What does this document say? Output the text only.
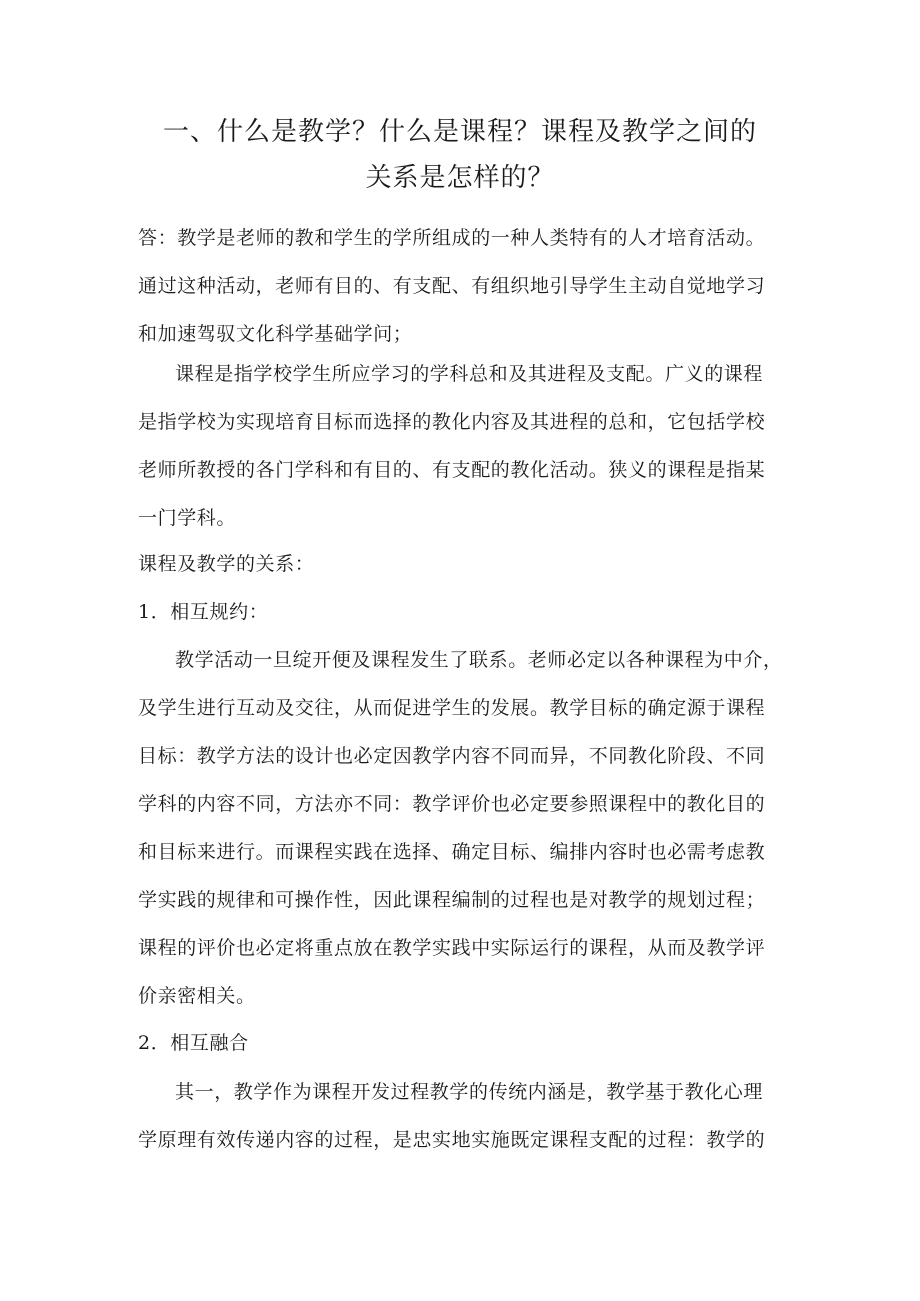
一、什么是教学？什么是课程？课程及教学之间的
关系是怎样的？
答：教学是老师的教和学生的学所组成的一种人类特有的人才培育活动。
通过这种活动，老师有目的、有支配、有组织地引导学生主动自觉地学习
和加速驾驭文化科学基础学问；
课程是指学校学生所应学习的学科总和及其进程及支配。广义的课程
是指学校为实现培育目标而选择的教化内容及其进程的总和，它包括学校
老师所教授的各门学科和有目的、有支配的教化活动。狭义的课程是指某
一门学科。
课程及教学的关系：
1．相互规约：
教学活动一旦绽开便及课程发生了联系。老师必定以各种课程为中介，
及学生进行互动及交往，从而促进学生的发展。教学目标的确定源于课程
目标：教学方法的设计也必定因教学内容不同而异，不同教化阶段、不同
学科的内容不同，方法亦不同：教学评价也必定要参照课程中的教化目的
和目标来进行。而课程实践在选择、确定目标、编排内容时也必需考虑教
学实践的规律和可操作性，因此课程编制的过程也是对教学的规划过程；
课程的评价也必定将重点放在教学实践中实际运行的课程，从而及教学评
价亲密相关。
2．相互融合
其一，教学作为课程开发过程教学的传统内涵是，教学基于教化心理
学原理有效传递内容的过程，是忠实地实施既定课程支配的过程：教学的
